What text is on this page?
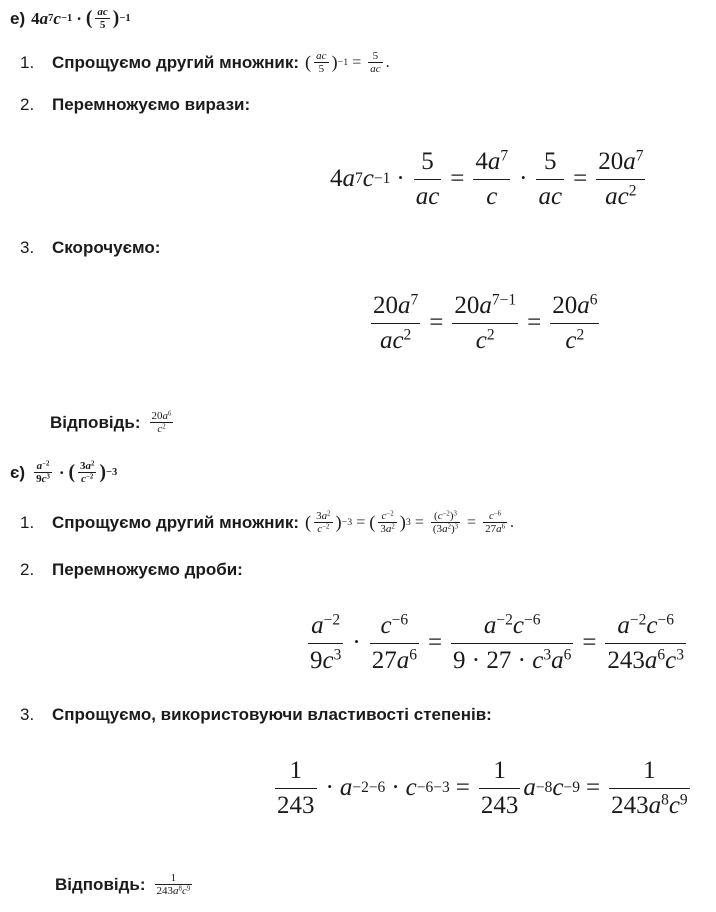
е) 4 a 7 c −1 · ( $\frac{ac}{5}$ ) −1
1.	Спрощуємо другий множник: ( $\frac{ac}{5}$ ) $-1 = \frac{5}{ac}$ .
2.	Перемножуємо вирази:
4 a 7 $c -1 \cdot \frac{5}{ac} = \frac{4a^7}{c} \cdot \frac{5}{ac} = \frac{20a^7}{ac^2}$
3.	Скорочуємо:
$\frac{20a^7}{ac^2} = \frac{20a^{7-1}}{c^2} = \frac{20a^6}{c^2}$
Відповідь: $\frac{20a^6}{c^2}$
$є) \frac{a^{-2}}{9c^3}$ · ( $\frac{3a^2}{c^{-2}}$ ) −3
1.	Спрощуємо другий множник: ( $\frac{3a^2}{c^{-2}}$ ) −3 = ( $\frac{c^{-2}}{3a^2}$ ) $3 = \frac{(c^{-2})^3}{(3a^2)^3} = \frac{c^{-6}}{27a^6}$ .
2.	Перемножуємо дроби:
$\frac{a^{-2}}{9c^3} \cdot \frac{c^{-6}}{27a^6} = \frac{a^{-2}c^{-6}}{9 \cdot 27 \cdot c^3a^6} = \frac{a^{-2}c^{-6}}{243a^6c^3}$
3.	Спрощуємо, використовуючи властивості степенів:
$\frac{1}{243} \cdot a -2-6 \cdot c -6-3 = \frac{1}{243}$ a −8 $c -9 = \frac{1}{243a^8c^9}$
Відповідь: $\frac{1}{243a^8c^9}$
